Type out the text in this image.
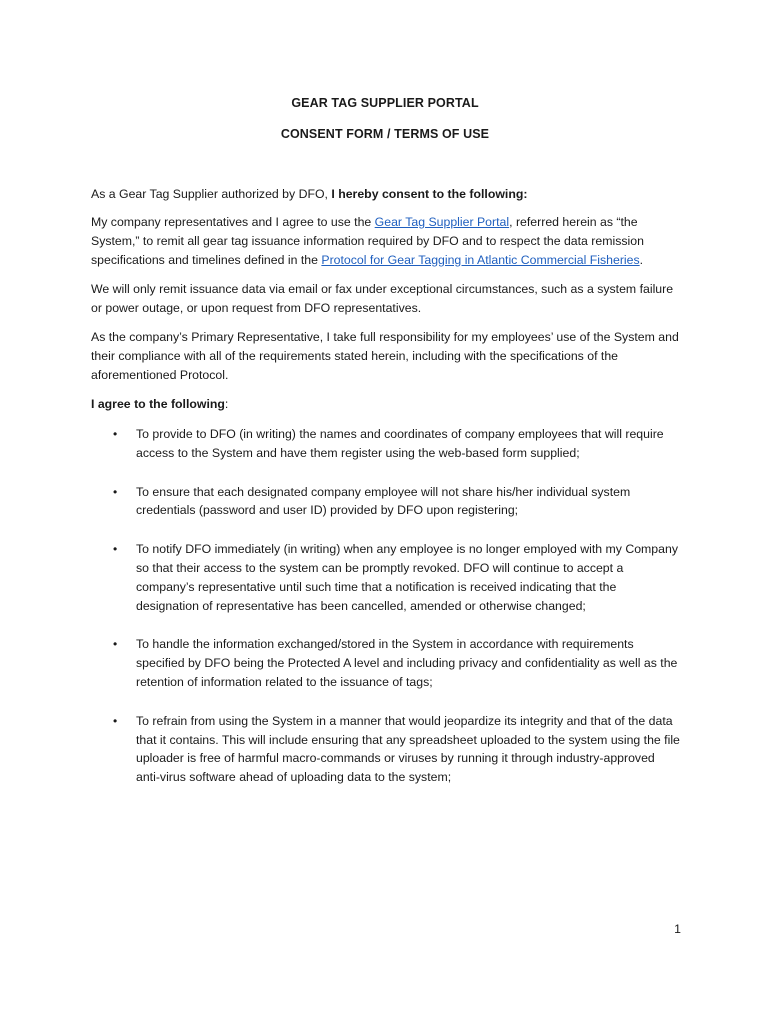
GEAR TAG SUPPLIER PORTAL
CONSENT FORM / TERMS OF USE
As a Gear Tag Supplier authorized by DFO, I hereby consent to the following:
My company representatives and I agree to use the Gear Tag Supplier Portal, referred herein as “the System,” to remit all gear tag issuance information required by DFO and to respect the data remission specifications and timelines defined in the Protocol for Gear Tagging in Atlantic Commercial Fisheries.
We will only remit issuance data via email or fax under exceptional circumstances, such as a system failure or power outage, or upon request from DFO representatives.
As the company’s Primary Representative, I take full responsibility for my employees’ use of the System and their compliance with all of the requirements stated herein, including with the specifications of the aforementioned Protocol.
I agree to the following:
• To provide to DFO (in writing) the names and coordinates of company employees that will require access to the System and have them register using the web-based form supplied;
• To ensure that each designated company employee will not share his/her individual system credentials (password and user ID) provided by DFO upon registering;
• To notify DFO immediately (in writing) when any employee is no longer employed with my Company so that their access to the system can be promptly revoked. DFO will continue to accept a company’s representative until such time that a notification is received indicating that the designation of representative has been cancelled, amended or otherwise changed;
• To handle the information exchanged/stored in the System in accordance with requirements specified by DFO being the Protected A level and including privacy and confidentiality as well as the retention of information related to the issuance of tags;
• To refrain from using the System in a manner that would jeopardize its integrity and that of the data that it contains. This will include ensuring that any spreadsheet uploaded to the system using the file uploader is free of harmful macro-commands or viruses by running it through industry-approved anti-virus software ahead of uploading data to the system;
1
